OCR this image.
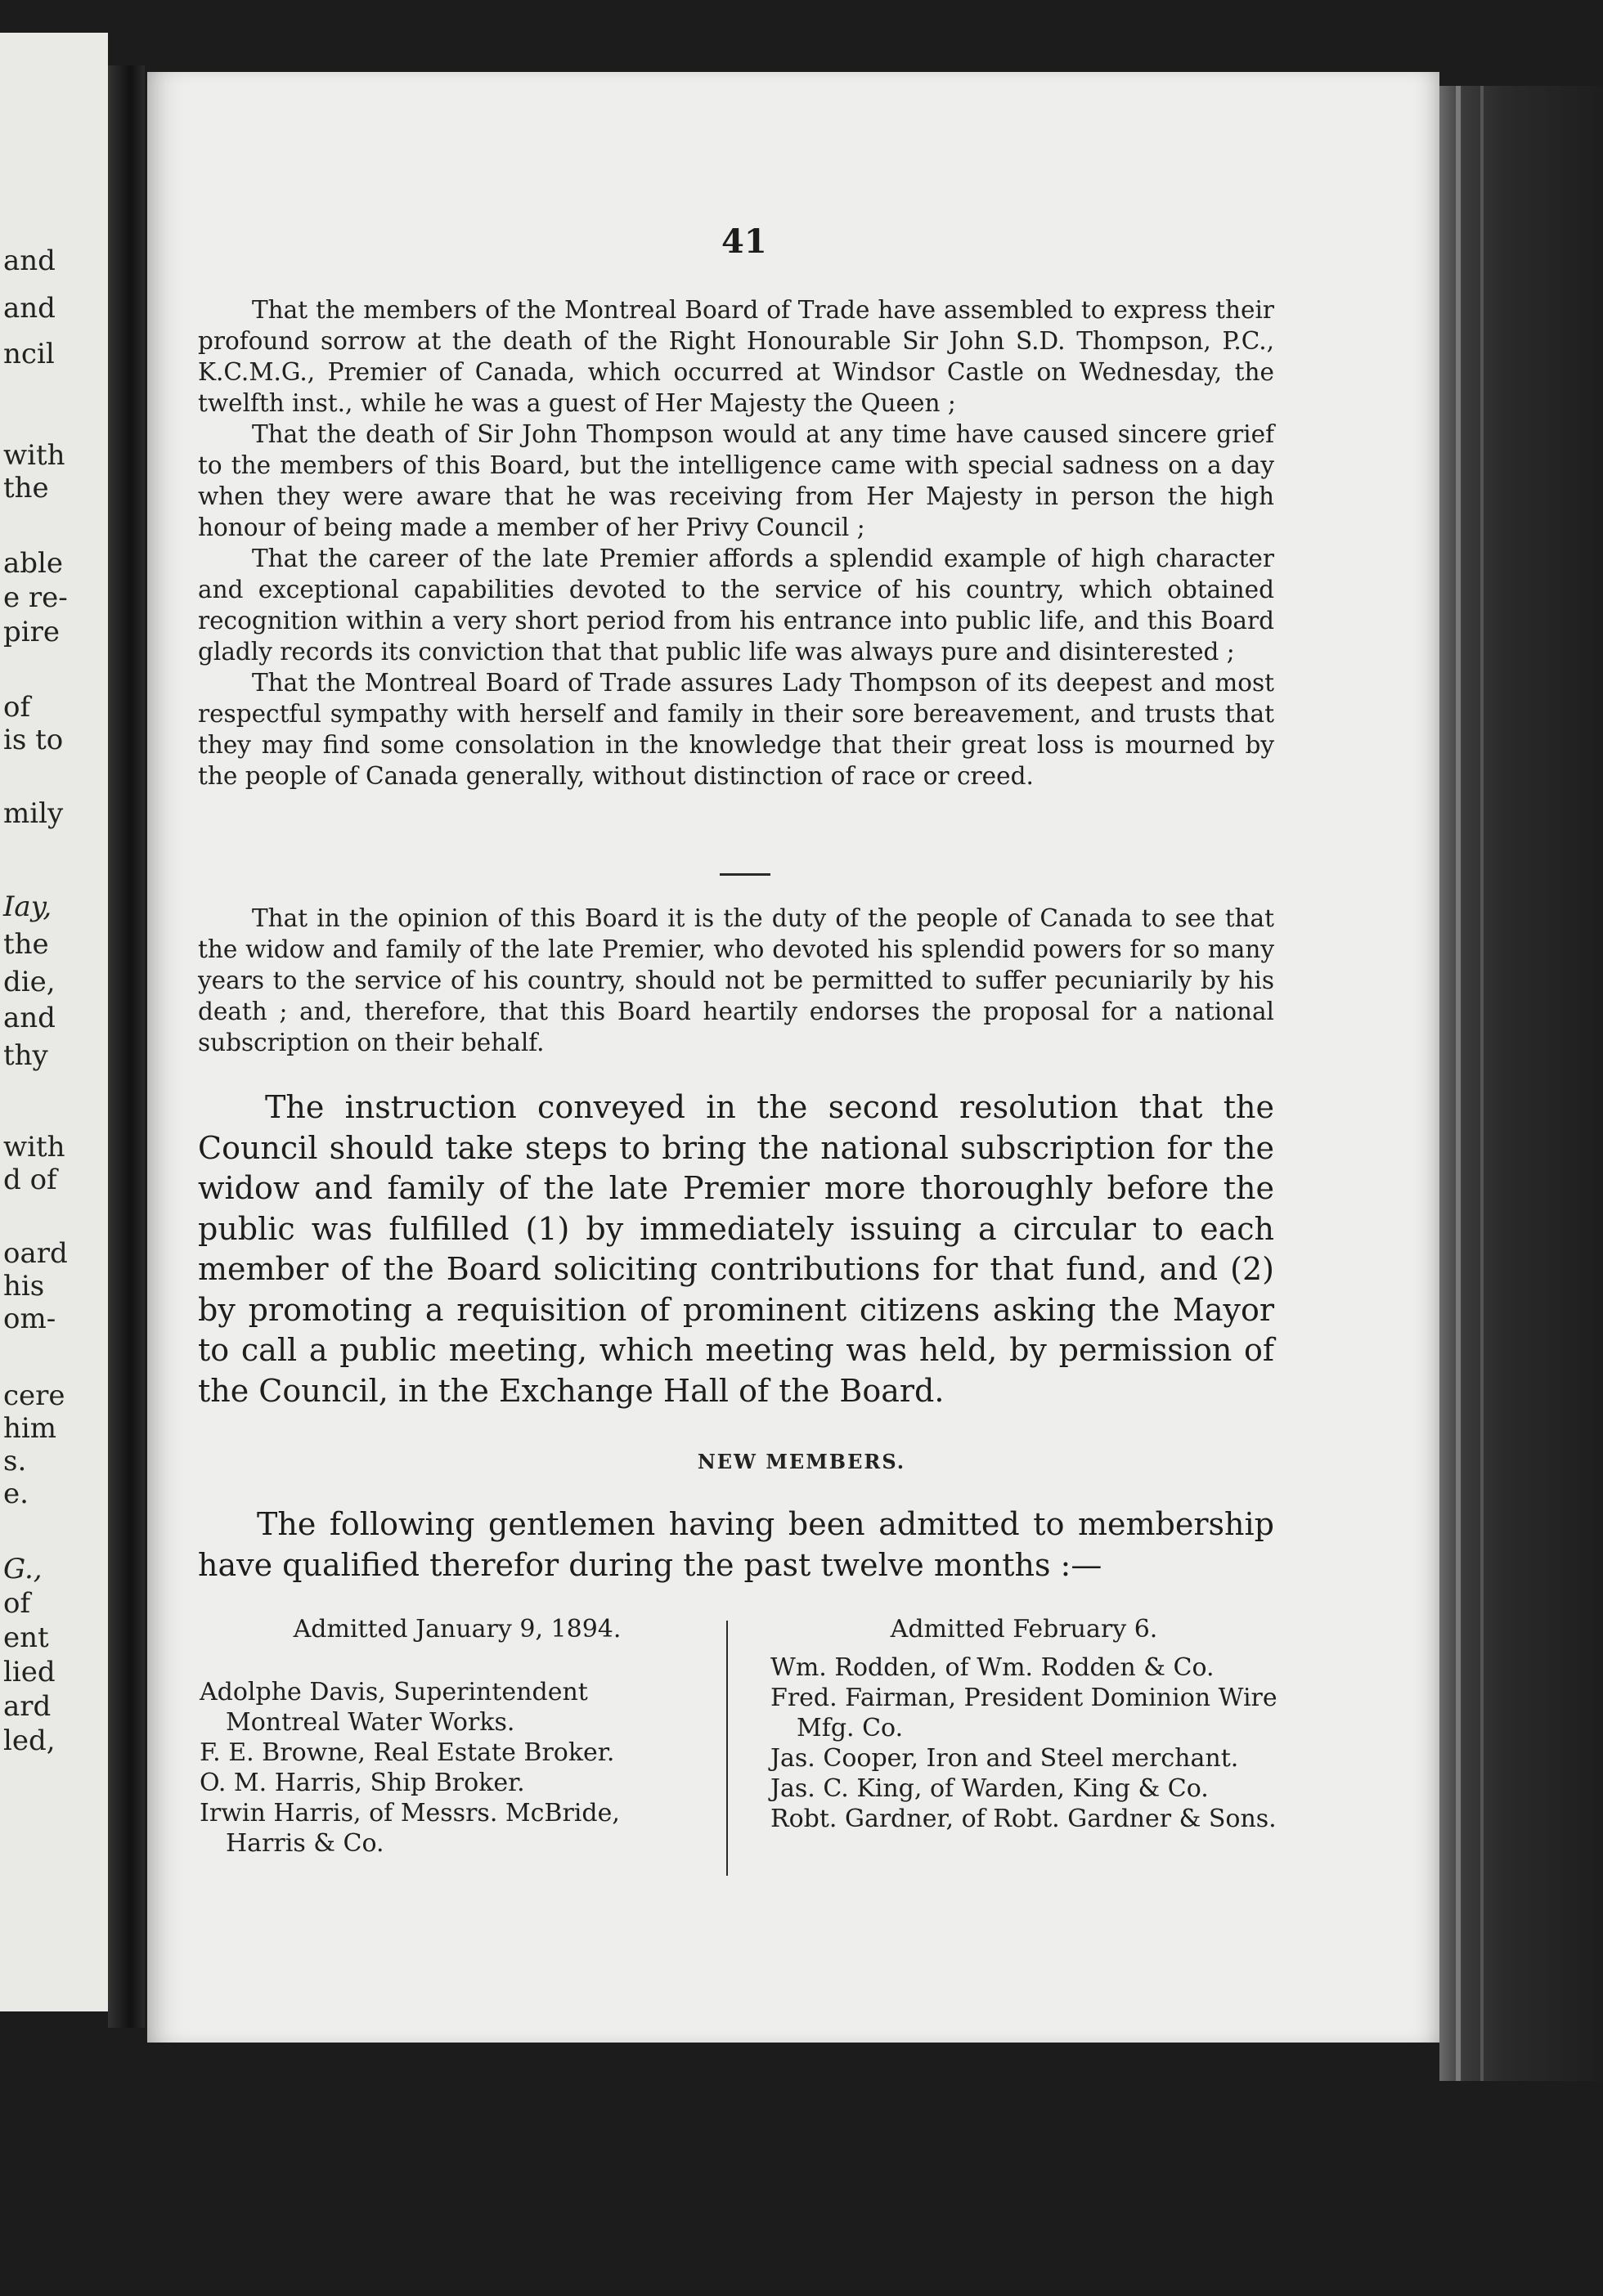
and
and
ncil
with
the
able
e re-
pire
of
is to
mily
Iay,
the
die,
and
thy
with
d of
oard
his
om-
cere
him
s.
e.
G.,
of
ent
lied
ard
led,
41

That the members of the Montreal Board of Trade have assembled to express their profound sorrow at the death of the Right Honourable Sir John S.D. Thompson, P.C., K.C.M.G., Premier of Canada, which occurred at Windsor Castle on Wednesday, the twelfth inst., while he was a guest of Her Majesty the Queen ;

That the death of Sir John Thompson would at any time have caused sincere grief to the members of this Board, but the intelligence came with special sadness on a day when they were aware that he was receiving from Her Majesty in person the high honour of being made a member of her Privy Council ;

That the career of the late Premier affords a splendid example of high character and exceptional capabilities devoted to the service of his country, which obtained recognition within a very short period from his entrance into public life, and this Board gladly records its conviction that that public life was always pure and disinterested ;

That the Montreal Board of Trade assures Lady Thompson of its deepest and most respectful sympathy with herself and family in their sore bereavement, and trusts that they may find some consolation in the knowledge that their great loss is mourned by the people of Canada generally, without distinction of race or creed.

That in the opinion of this Board it is the duty of the people of Canada to see that the widow and family of the late Premier, who devoted his splendid powers for so many years to the service of his country, should not be permitted to suffer pecuniarily by his death ; and, therefore, that this Board heartily endorses the proposal for a national subscription on their behalf.

The instruction conveyed in the second resolution that the Council should take steps to bring the national subscription for the widow and family of the late Premier more thoroughly before the public was fulfilled (1) by immediately issuing a circular to each member of the Board soliciting contributions for that fund, and (2) by promoting a requisition of prominent citizens asking the Mayor to call a public meeting, which meeting was held, by permission of the Council, in the Exchange Hall of the Board.

NEW MEMBERS.

The following gentlemen having been admitted to membership have qualified therefor during the past twelve months :—

Admitted January 9, 1894.
Adolphe Davis, Superintendent Montreal Water Works.
F. E. Browne, Real Estate Broker.
O. M. Harris, Ship Broker.
Irwin Harris, of Messrs. McBride, Harris & Co.
Admitted February 6.
Wm. Rodden, of Wm. Rodden & Co.
Fred. Fairman, President Dominion Wire Mfg. Co.
Jas. Cooper, Iron and Steel merchant.
Jas. C. King, of Warden, King & Co.
Robt. Gardner, of Robt. Gardner & Sons.
